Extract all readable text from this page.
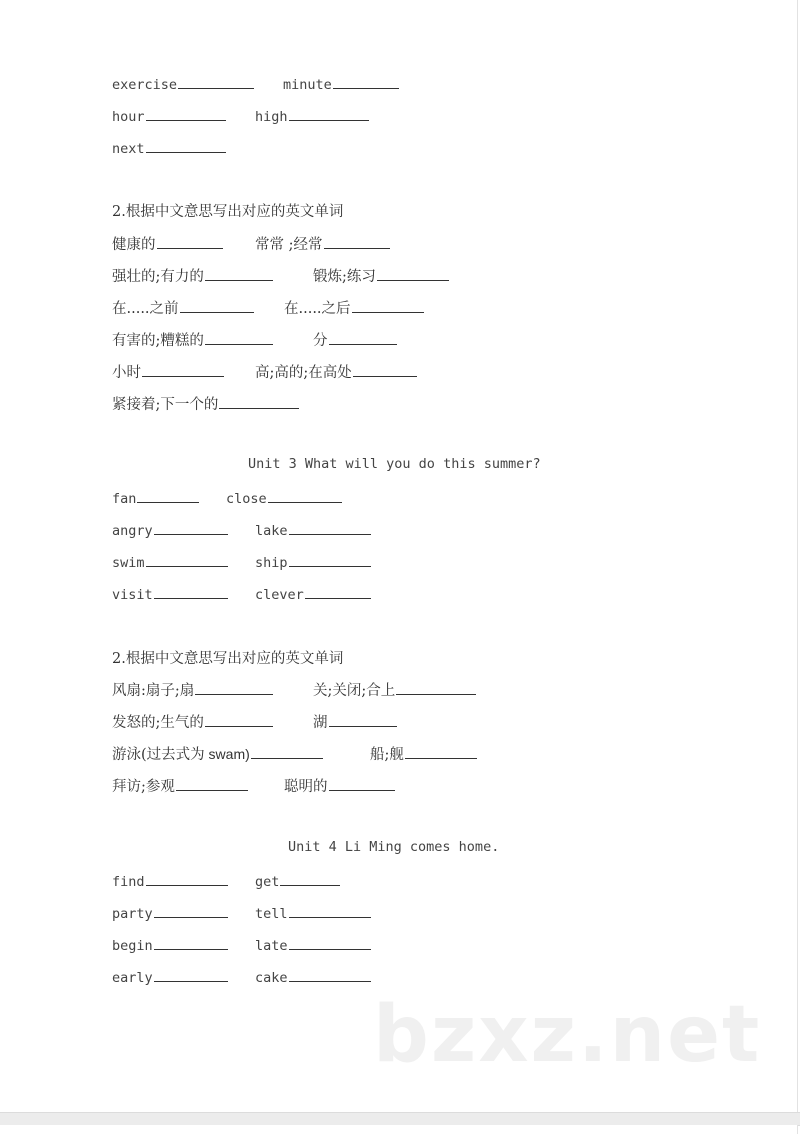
exercise	minute
hour	high
next
2.根据中文意思写出对应的英文单词
健康的	常常 ;经常
强壮的;有力的	锻炼;练习
在.....之前	在.....之后
有害的;糟糕的	分
小时	高;高的;在高处
紧接着;下一个的
Unit 3 What will you do this summer?
fan	close
angry	lake
swim	ship
visit	clever
2.根据中文意思写出对应的英文单词
风扇:扇子;扇	关;关闭;合上
发怒的;生气的	湖
游泳(过去式为 swam)	船;舰
拜访;参观	聪明的
Unit 4 Li Ming comes home.
find	get
party	tell
begin	late
early	cake
bzxz.net
